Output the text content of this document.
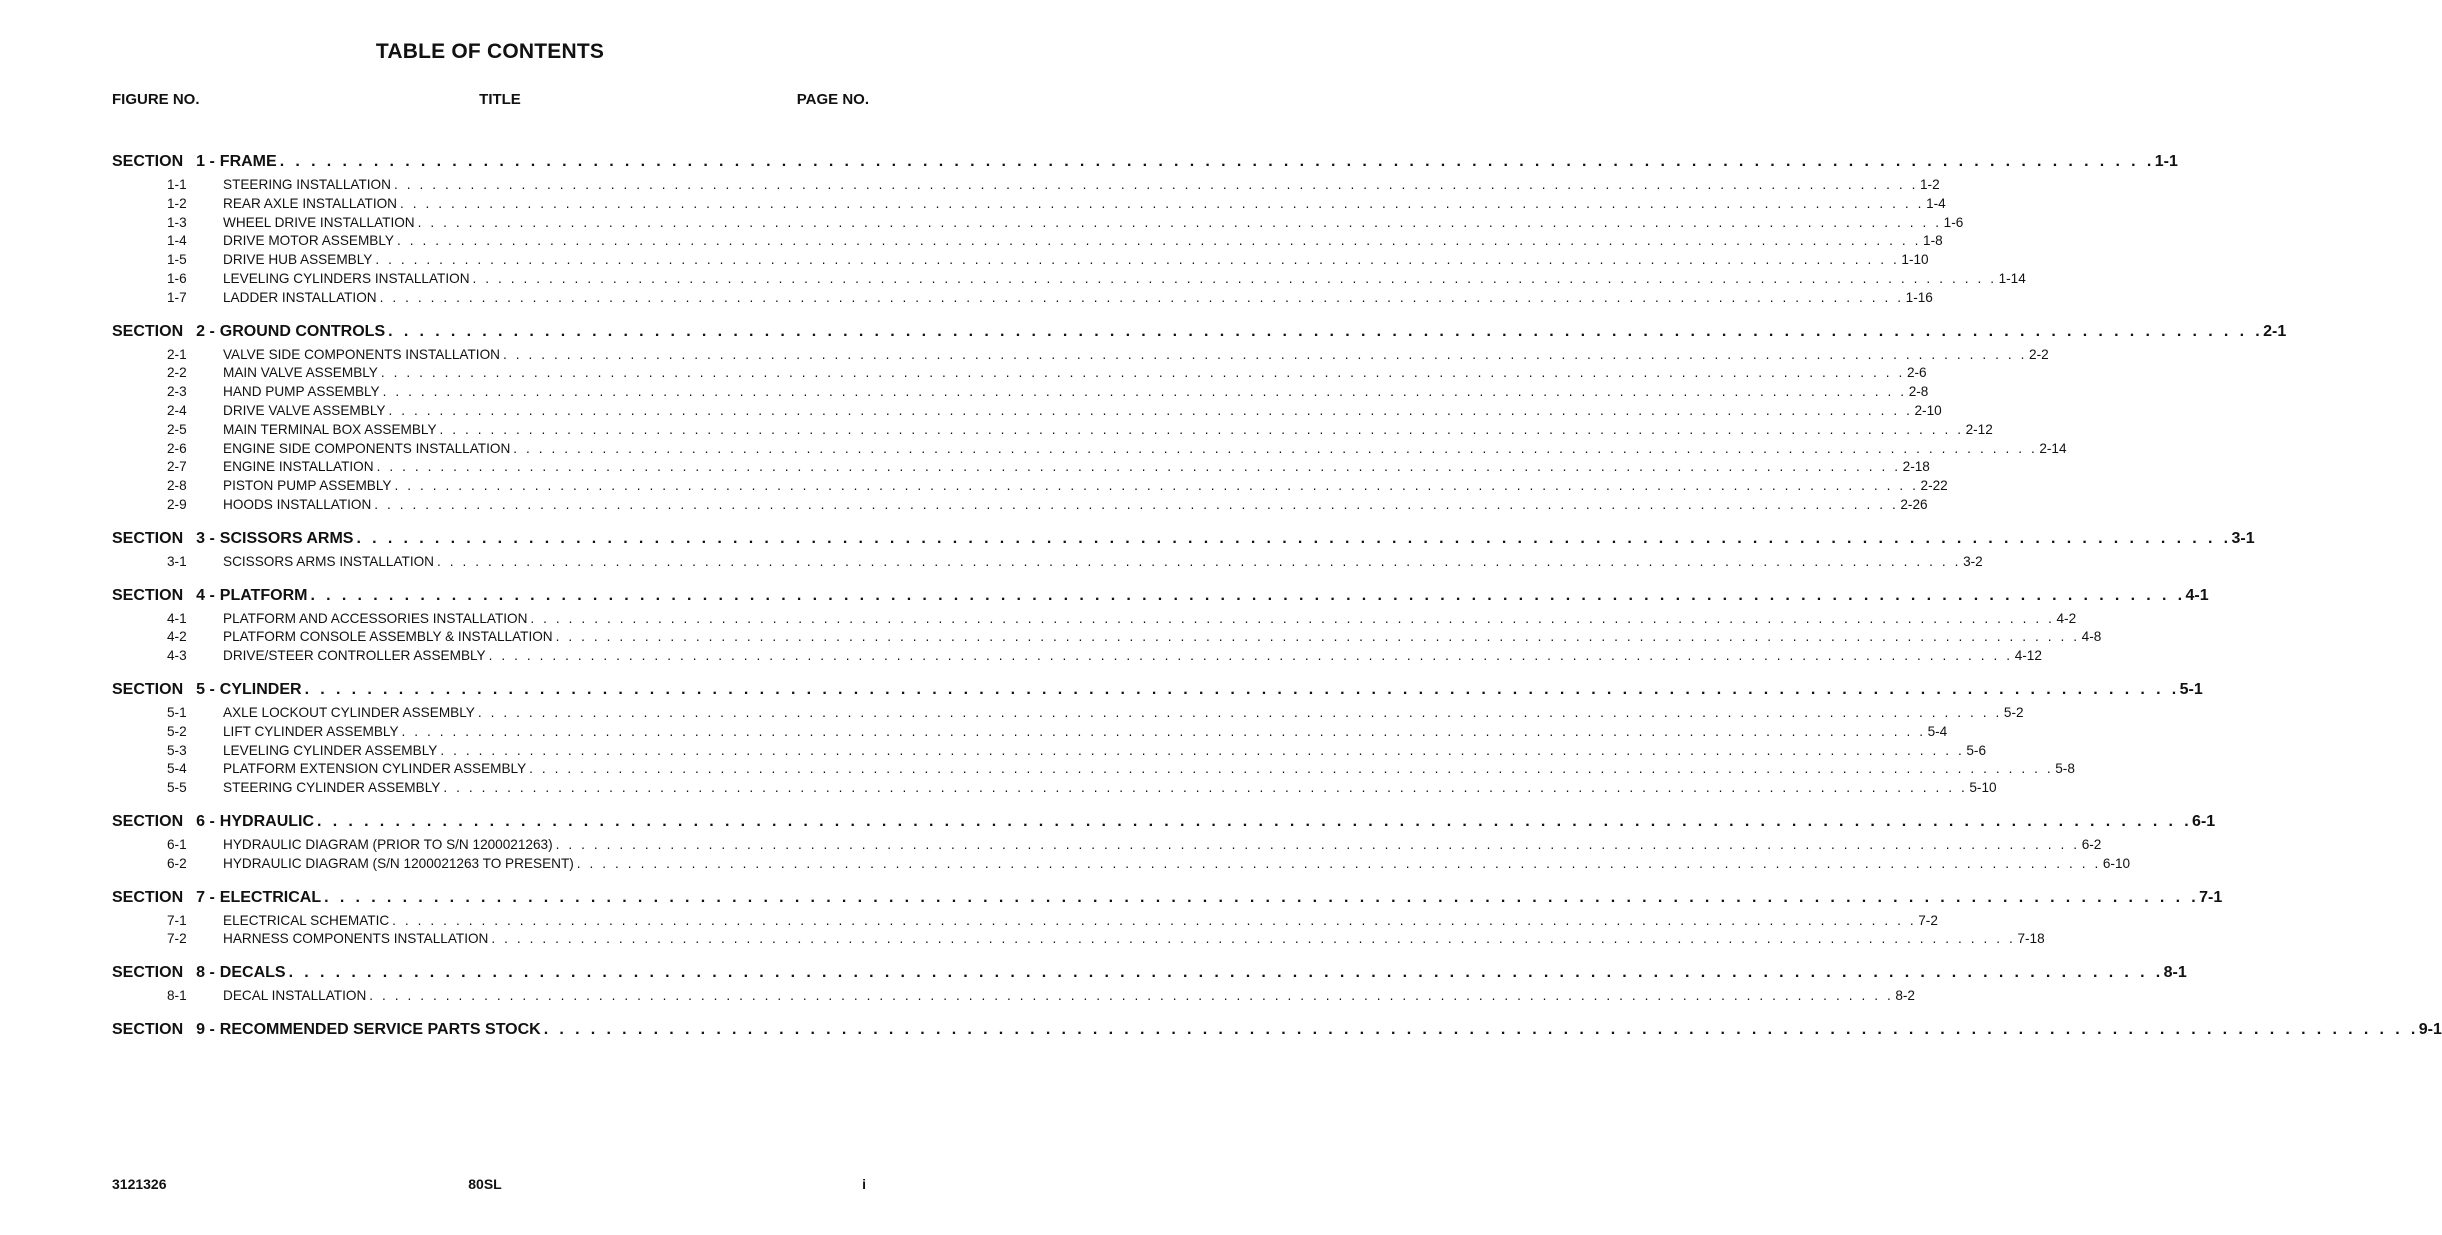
TABLE OF CONTENTS
FIGURE NO.	TITLE	PAGE NO.
SECTION 1 - FRAME . . . . . . . . . . . . . . . . . . . . . . . . . . . . . . . . . . . . . . . . . . . . . . . . . . . . . . . . . . . . . . . . . . . . . . . . . . . . . . . . . . . . . . . . . . . . . . . . . . . . . . . . . . . . . . . . . . . . . . . . 1-1
1-1	STEERING INSTALLATION . . . . . . . . . . . . . . . . . . . . . . . . . . . . . . . . . . . . . . . . . . . . . . . . . . . . . . . . . . . . . . . . . . . . . . . . . . . . . . . . . . . . . . . . . . . . . . . . . . . . . . . . . . . . . . . . . . . . . . . . 1-2
1-2	REAR AXLE INSTALLATION . . . . . . . . . . . . . . . . . . . . . . . . . . . . . . . . . . . . . . . . . . . . . . . . . . . . . . . . . . . . . . . . . . . . . . . . . . . . . . . . . . . . . . . . . . . . . . . . . . . . . . . . . . . . . . . . . . . . . . . . 1-4
1-3	WHEEL DRIVE INSTALLATION . . . . . . . . . . . . . . . . . . . . . . . . . . . . . . . . . . . . . . . . . . . . . . . . . . . . . . . . . . . . . . . . . . . . . . . . . . . . . . . . . . . . . . . . . . . . . . . . . . . . . . . . . . . . . . . . . . . . . . . . 1-6
1-4	DRIVE MOTOR ASSEMBLY . . . . . . . . . . . . . . . . . . . . . . . . . . . . . . . . . . . . . . . . . . . . . . . . . . . . . . . . . . . . . . . . . . . . . . . . . . . . . . . . . . . . . . . . . . . . . . . . . . . . . . . . . . . . . . . . . . . . . . . . 1-8
1-5	DRIVE HUB ASSEMBLY . . . . . . . . . . . . . . . . . . . . . . . . . . . . . . . . . . . . . . . . . . . . . . . . . . . . . . . . . . . . . . . . . . . . . . . . . . . . . . . . . . . . . . . . . . . . . . . . . . . . . . . . . . . . . . . . . . . . . . . . 1-10
1-6	LEVELING CYLINDERS INSTALLATION . . . . . . . . . . . . . . . . . . . . . . . . . . . . . . . . . . . . . . . . . . . . . . . . . . . . . . . . . . . . . . . . . . . . . . . . . . . . . . . . . . . . . . . . . . . . . . . . . . . . . . . . . . . . . . . . . . . . . . . . 1-14
1-7	LADDER INSTALLATION . . . . . . . . . . . . . . . . . . . . . . . . . . . . . . . . . . . . . . . . . . . . . . . . . . . . . . . . . . . . . . . . . . . . . . . . . . . . . . . . . . . . . . . . . . . . . . . . . . . . . . . . . . . . . . . . . . . . . . . . 1-16
SECTION 2 - GROUND CONTROLS . . . . . . . . . . . . . . . . . . . . . . . . . . . . . . . . . . . . . . . . . . . . . . . . . . . . . . . . . . . . . . . . . . . . . . . . . . . . . . . . . . . . . . . . . . . . . . . . . . . . . . . . . . . . . . . . . . . . . . . . 2-1
2-1	VALVE SIDE COMPONENTS INSTALLATION . . . . . . . . . . . . . . . . . . . . . . . . . . . . . . . . . . . . . . . . . . . . . . . . . . . . . . . . . . . . . . . . . . . . . . . . . . . . . . . . . . . . . . . . . . . . . . . . . . . . . . . . . . . . . . . . . . . . . . . . 2-2
2-2	MAIN VALVE ASSEMBLY . . . . . . . . . . . . . . . . . . . . . . . . . . . . . . . . . . . . . . . . . . . . . . . . . . . . . . . . . . . . . . . . . . . . . . . . . . . . . . . . . . . . . . . . . . . . . . . . . . . . . . . . . . . . . . . . . . . . . . . . 2-6
2-3	HAND PUMP ASSEMBLY . . . . . . . . . . . . . . . . . . . . . . . . . . . . . . . . . . . . . . . . . . . . . . . . . . . . . . . . . . . . . . . . . . . . . . . . . . . . . . . . . . . . . . . . . . . . . . . . . . . . . . . . . . . . . . . . . . . . . . . . 2-8
2-4	DRIVE VALVE ASSEMBLY . . . . . . . . . . . . . . . . . . . . . . . . . . . . . . . . . . . . . . . . . . . . . . . . . . . . . . . . . . . . . . . . . . . . . . . . . . . . . . . . . . . . . . . . . . . . . . . . . . . . . . . . . . . . . . . . . . . . . . . . 2-10
2-5	MAIN TERMINAL BOX ASSEMBLY . . . . . . . . . . . . . . . . . . . . . . . . . . . . . . . . . . . . . . . . . . . . . . . . . . . . . . . . . . . . . . . . . . . . . . . . . . . . . . . . . . . . . . . . . . . . . . . . . . . . . . . . . . . . . . . . . . . . . . . . 2-12
2-6	ENGINE SIDE COMPONENTS INSTALLATION . . . . . . . . . . . . . . . . . . . . . . . . . . . . . . . . . . . . . . . . . . . . . . . . . . . . . . . . . . . . . . . . . . . . . . . . . . . . . . . . . . . . . . . . . . . . . . . . . . . . . . . . . . . . . . . . . . . . . . . . 2-14
2-7	ENGINE INSTALLATION . . . . . . . . . . . . . . . . . . . . . . . . . . . . . . . . . . . . . . . . . . . . . . . . . . . . . . . . . . . . . . . . . . . . . . . . . . . . . . . . . . . . . . . . . . . . . . . . . . . . . . . . . . . . . . . . . . . . . . . . 2-18
2-8	PISTON PUMP ASSEMBLY . . . . . . . . . . . . . . . . . . . . . . . . . . . . . . . . . . . . . . . . . . . . . . . . . . . . . . . . . . . . . . . . . . . . . . . . . . . . . . . . . . . . . . . . . . . . . . . . . . . . . . . . . . . . . . . . . . . . . . . . 2-22
2-9	HOODS INSTALLATION . . . . . . . . . . . . . . . . . . . . . . . . . . . . . . . . . . . . . . . . . . . . . . . . . . . . . . . . . . . . . . . . . . . . . . . . . . . . . . . . . . . . . . . . . . . . . . . . . . . . . . . . . . . . . . . . . . . . . . . . 2-26
SECTION 3 - SCISSORS ARMS . . . . . . . . . . . . . . . . . . . . . . . . . . . . . . . . . . . . . . . . . . . . . . . . . . . . . . . . . . . . . . . . . . . . . . . . . . . . . . . . . . . . . . . . . . . . . . . . . . . . . . . . . . . . . . . . . . . . . . . . 3-1
3-1	SCISSORS ARMS INSTALLATION . . . . . . . . . . . . . . . . . . . . . . . . . . . . . . . . . . . . . . . . . . . . . . . . . . . . . . . . . . . . . . . . . . . . . . . . . . . . . . . . . . . . . . . . . . . . . . . . . . . . . . . . . . . . . . . . . . . . . . . . 3-2
SECTION 4 - PLATFORM . . . . . . . . . . . . . . . . . . . . . . . . . . . . . . . . . . . . . . . . . . . . . . . . . . . . . . . . . . . . . . . . . . . . . . . . . . . . . . . . . . . . . . . . . . . . . . . . . . . . . . . . . . . . . . . . . . . . . . . . 4-1
4-1	PLATFORM AND ACCESSORIES INSTALLATION . . . . . . . . . . . . . . . . . . . . . . . . . . . . . . . . . . . . . . . . . . . . . . . . . . . . . . . . . . . . . . . . . . . . . . . . . . . . . . . . . . . . . . . . . . . . . . . . . . . . . . . . . . . . . . . . . . . . . . . . 4-2
4-2	PLATFORM CONSOLE ASSEMBLY & INSTALLATION . . . . . . . . . . . . . . . . . . . . . . . . . . . . . . . . . . . . . . . . . . . . . . . . . . . . . . . . . . . . . . . . . . . . . . . . . . . . . . . . . . . . . . . . . . . . . . . . . . . . . . . . . . . . . . . . . . . . . . . . 4-8
4-3	DRIVE/STEER CONTROLLER ASSEMBLY . . . . . . . . . . . . . . . . . . . . . . . . . . . . . . . . . . . . . . . . . . . . . . . . . . . . . . . . . . . . . . . . . . . . . . . . . . . . . . . . . . . . . . . . . . . . . . . . . . . . . . . . . . . . . . . . . . . . . . . . 4-12
SECTION 5 - CYLINDER . . . . . . . . . . . . . . . . . . . . . . . . . . . . . . . . . . . . . . . . . . . . . . . . . . . . . . . . . . . . . . . . . . . . . . . . . . . . . . . . . . . . . . . . . . . . . . . . . . . . . . . . . . . . . . . . . . . . . . . . 5-1
5-1	AXLE LOCKOUT CYLINDER ASSEMBLY . . . . . . . . . . . . . . . . . . . . . . . . . . . . . . . . . . . . . . . . . . . . . . . . . . . . . . . . . . . . . . . . . . . . . . . . . . . . . . . . . . . . . . . . . . . . . . . . . . . . . . . . . . . . . . . . . . . . . . . . 5-2
5-2	LIFT CYLINDER ASSEMBLY . . . . . . . . . . . . . . . . . . . . . . . . . . . . . . . . . . . . . . . . . . . . . . . . . . . . . . . . . . . . . . . . . . . . . . . . . . . . . . . . . . . . . . . . . . . . . . . . . . . . . . . . . . . . . . . . . . . . . . . . 5-4
5-3	LEVELING CYLINDER ASSEMBLY . . . . . . . . . . . . . . . . . . . . . . . . . . . . . . . . . . . . . . . . . . . . . . . . . . . . . . . . . . . . . . . . . . . . . . . . . . . . . . . . . . . . . . . . . . . . . . . . . . . . . . . . . . . . . . . . . . . . . . . . 5-6
5-4	PLATFORM EXTENSION CYLINDER ASSEMBLY . . . . . . . . . . . . . . . . . . . . . . . . . . . . . . . . . . . . . . . . . . . . . . . . . . . . . . . . . . . . . . . . . . . . . . . . . . . . . . . . . . . . . . . . . . . . . . . . . . . . . . . . . . . . . . . . . . . . . . . . 5-8
5-5	STEERING CYLINDER ASSEMBLY . . . . . . . . . . . . . . . . . . . . . . . . . . . . . . . . . . . . . . . . . . . . . . . . . . . . . . . . . . . . . . . . . . . . . . . . . . . . . . . . . . . . . . . . . . . . . . . . . . . . . . . . . . . . . . . . . . . . . . . . 5-10
SECTION 6 - HYDRAULIC . . . . . . . . . . . . . . . . . . . . . . . . . . . . . . . . . . . . . . . . . . . . . . . . . . . . . . . . . . . . . . . . . . . . . . . . . . . . . . . . . . . . . . . . . . . . . . . . . . . . . . . . . . . . . . . . . . . . . . . . 6-1
6-1	HYDRAULIC DIAGRAM (PRIOR TO S/N 1200021263) . . . . . . . . . . . . . . . . . . . . . . . . . . . . . . . . . . . . . . . . . . . . . . . . . . . . . . . . . . . . . . . . . . . . . . . . . . . . . . . . . . . . . . . . . . . . . . . . . . . . . . . . . . . . . . . . . . . . . . . . 6-2
6-2	HYDRAULIC DIAGRAM (S/N 1200021263 TO PRESENT) . . . . . . . . . . . . . . . . . . . . . . . . . . . . . . . . . . . . . . . . . . . . . . . . . . . . . . . . . . . . . . . . . . . . . . . . . . . . . . . . . . . . . . . . . . . . . . . . . . . . . . . . . . . . . . . . . . . . . . . . 6-10
SECTION 7 - ELECTRICAL . . . . . . . . . . . . . . . . . . . . . . . . . . . . . . . . . . . . . . . . . . . . . . . . . . . . . . . . . . . . . . . . . . . . . . . . . . . . . . . . . . . . . . . . . . . . . . . . . . . . . . . . . . . . . . . . . . . . . . . . 7-1
7-1	ELECTRICAL SCHEMATIC . . . . . . . . . . . . . . . . . . . . . . . . . . . . . . . . . . . . . . . . . . . . . . . . . . . . . . . . . . . . . . . . . . . . . . . . . . . . . . . . . . . . . . . . . . . . . . . . . . . . . . . . . . . . . . . . . . . . . . . . 7-2
7-2	HARNESS COMPONENTS INSTALLATION . . . . . . . . . . . . . . . . . . . . . . . . . . . . . . . . . . . . . . . . . . . . . . . . . . . . . . . . . . . . . . . . . . . . . . . . . . . . . . . . . . . . . . . . . . . . . . . . . . . . . . . . . . . . . . . . . . . . . . . . 7-18
SECTION 8 - DECALS . . . . . . . . . . . . . . . . . . . . . . . . . . . . . . . . . . . . . . . . . . . . . . . . . . . . . . . . . . . . . . . . . . . . . . . . . . . . . . . . . . . . . . . . . . . . . . . . . . . . . . . . . . . . . . . . . . . . . . . . 8-1
8-1	DECAL INSTALLATION . . . . . . . . . . . . . . . . . . . . . . . . . . . . . . . . . . . . . . . . . . . . . . . . . . . . . . . . . . . . . . . . . . . . . . . . . . . . . . . . . . . . . . . . . . . . . . . . . . . . . . . . . . . . . . . . . . . . . . . . 8-2
SECTION 9 - RECOMMENDED SERVICE PARTS STOCK . . . . . . . . . . . . . . . . . . . . . . . . . . . . . . . . . . . . . . . . . . . . . . . . . . . . . . . . . . . . . . . . . . . . . . . . . . . . . . . . . . . . . . . . . . . . . . . . . . . . . . . . . . . . . . . . . . . . . . . . 9-1
3121326	80SL	i
